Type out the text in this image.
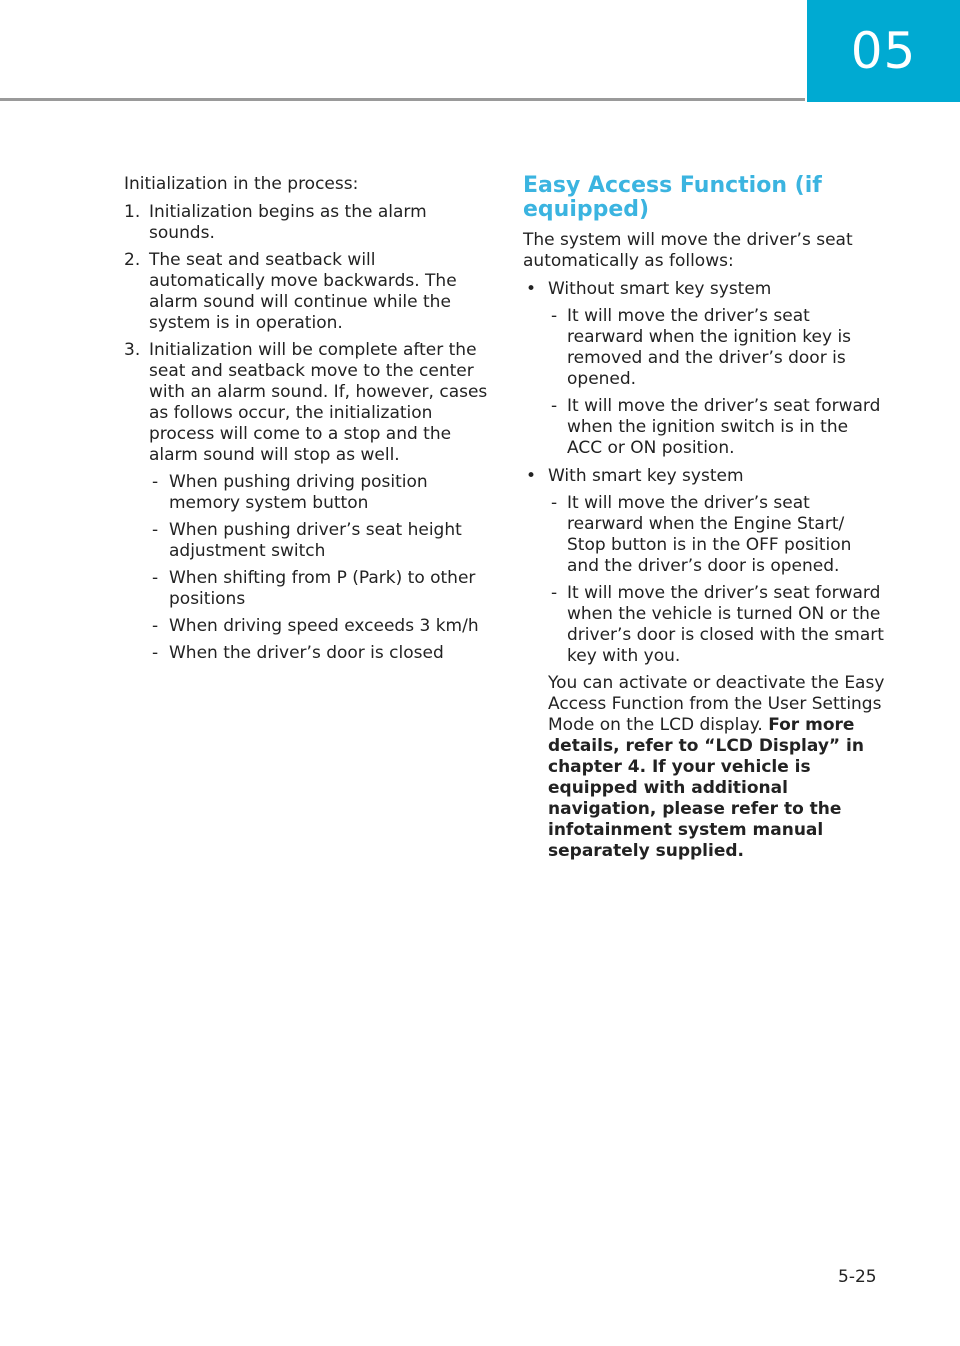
05

Initialization in the process:

1. Initialization begins as the alarm sounds.
2. The seat and seatback will automatically move backwards. The alarm sound will continue while the system is in operation.
3. Initialization will be complete after the seat and seatback move to the center with an alarm sound. If, however, cases as follows occur, the initialization process will come to a stop and the alarm sound will stop as well.
- When pushing driving position memory system button
- When pushing driver’s seat height adjustment switch
- When shifting from P (Park) to other positions
- When driving speed exceeds 3 km/h
- When the driver’s door is closed
Easy Access Function (if equipped)

The system will move the driver’s seat automatically as follows:

• Without smart key system
- It will move the driver’s seat rearward when the ignition key is removed and the driver’s door is opened.
- It will move the driver’s seat forward when the ignition switch is in the ACC or ON position.
• With smart key system
- It will move the driver’s seat rearward when the Engine Start/ Stop button is in the OFF position and the driver’s door is opened.
- It will move the driver’s seat forward when the vehicle is turned ON or the driver’s door is closed with the smart key with you.

You can activate or deactivate the Easy Access Function from the User Settings Mode on the LCD display. For more details, refer to “LCD Display” in chapter 4. If your vehicle is equipped with additional navigation, please refer to the infotainment system manual separately supplied.

5-25
